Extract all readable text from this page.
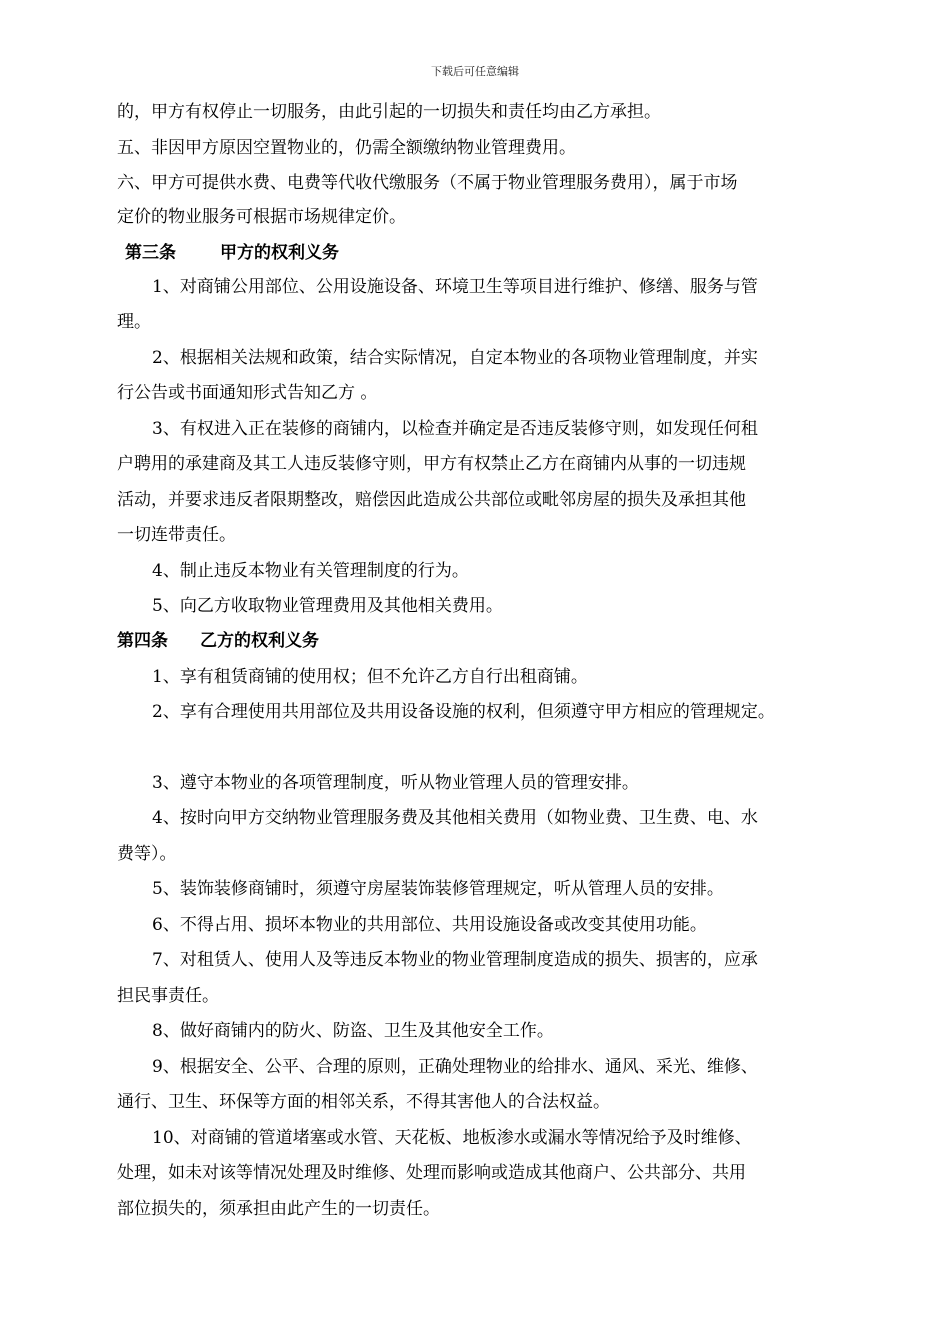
下载后可任意编辑
的，甲方有权停止一切服务，由此引起的一切损失和责任均由乙方承担。
五、非因甲方原因空置物业的，仍需全额缴纳物业管理费用。
六、甲方可提供水费、电费等代收代缴服务（不属于物业管理服务费用），属于市场
定价的物业服务可根据市场规律定价。
第三条	甲方的权利义务
1、对商铺公用部位、公用设施设备、环境卫生等项目进行维护、修缮、服务与管
理。
2、根据相关法规和政策，结合实际情况，自定本物业的各项物业管理制度，并实
行公告或书面通知形式告知乙方 。
3、有权进入正在装修的商铺内，以检查并确定是否违反装修守则，如发现任何租
户聘用的承建商及其工人违反装修守则，甲方有权禁止乙方在商铺内从事的一切违规
活动，并要求违反者限期整改，赔偿因此造成公共部位或毗邻房屋的损失及承担其他
一切连带责任。
4、制止违反本物业有关管理制度的行为。
5、向乙方收取物业管理费用及其他相关费用。
第四条 乙方的权利义务
1、享有租赁商铺的使用权；但不允许乙方自行出租商铺。
2、享有合理使用共用部位及共用设备设施的权利，但须遵守甲方相应的管理规定。
3、遵守本物业的各项管理制度，听从物业管理人员的管理安排。
4、按时向甲方交纳物业管理服务费及其他相关费用（如物业费、卫生费、电、水
费等）。
5、装饰装修商铺时，须遵守房屋装饰装修管理规定，听从管理人员的安排。
6、不得占用、损坏本物业的共用部位、共用设施设备或改变其使用功能。
7、对租赁人、使用人及等违反本物业的物业管理制度造成的损失、损害的，应承
担民事责任。
8、做好商铺内的防火、防盗、卫生及其他安全工作。
9、根据安全、公平、合理的原则，正确处理物业的给排水、通风、采光、维修、
通行、卫生、环保等方面的相邻关系，不得其害他人的合法权益。
10、对商铺的管道堵塞或水管、天花板、地板渗水或漏水等情况给予及时维修、
处理，如未对该等情况处理及时维修、处理而影响或造成其他商户、公共部分、共用
部位损失的，须承担由此产生的一切责任。
